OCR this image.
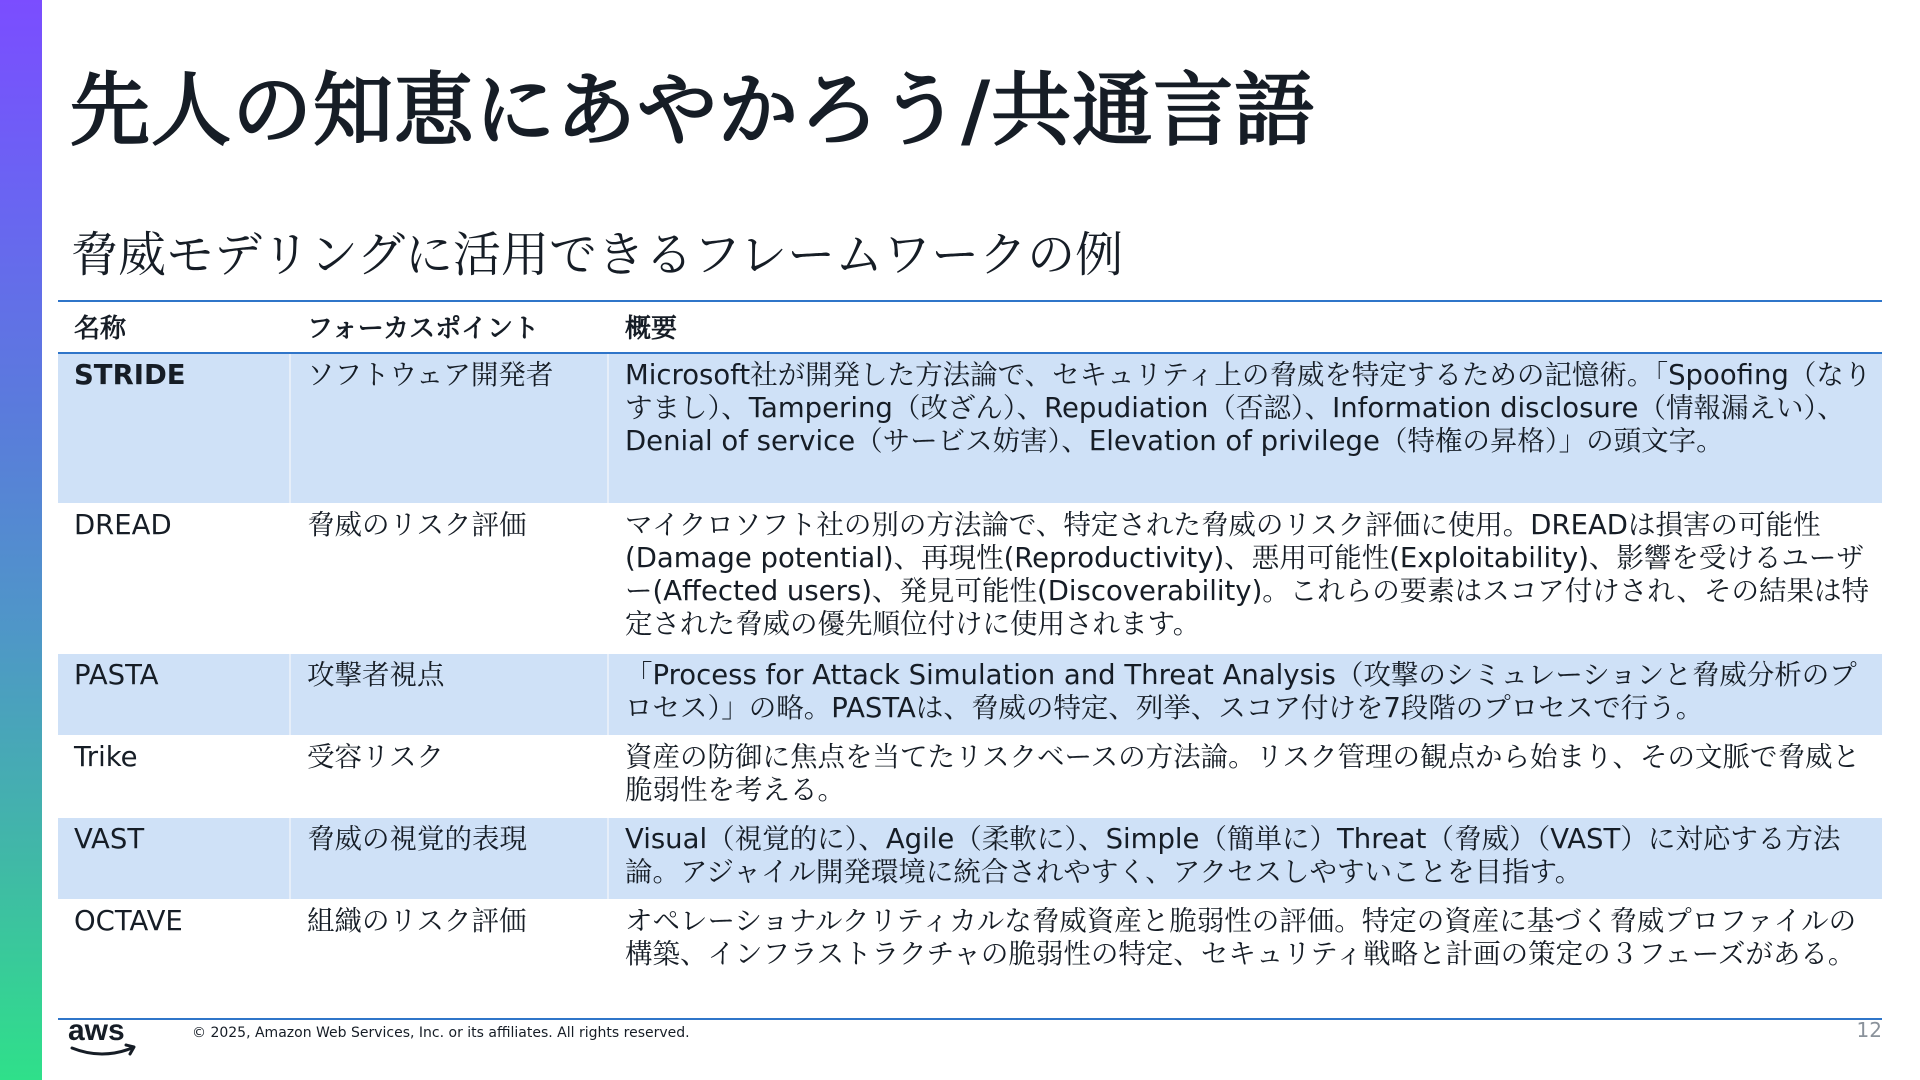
先人の知恵にあやかろう/共通言語
脅威モデリングに活用できるフレームワークの例
名称	フォーカスポイント	概要
STRIDE	ソフトウェア開発者	Microsoft社が開発した方法論で、セキュリティ上の脅威を特定するための記憶術。「Spoofing（なりすまし）、Tampering（改ざん）、Repudiation（否認）、Information disclosure（情報漏えい）、Denial of service（サービス妨害）、Elevation of privilege（特権の昇格）」の頭文字。
DREAD	脅威のリスク評価	マイクロソフト社の別の方法論で、特定された脅威のリスク評価に使用。DREADは損害の可能性(Damage potential)、再現性(Reproductivity)、悪用可能性(Exploitability)、影響を受けるユーザー(Affected users)、発見可能性(Discoverability)。これらの要素はスコア付けされ、その結果は特定された脅威の優先順位付けに使用されます。
PASTA	攻撃者視点	「Process for Attack Simulation and Threat Analysis（攻撃のシミュレーションと脅威分析のプロセス）」の略。PASTAは、脅威の特定、列挙、スコア付けを7段階のプロセスで行う。
Trike	受容リスク	資産の防御に焦点を当てたリスクベースの方法論。リスク管理の観点から始まり、その文脈で脅威と脆弱性を考える。
VAST	脅威の視覚的表現	Visual（視覚的に）、Agile（柔軟に）、Simple（簡単に）Threat（脅威）（VAST）に対応する方法論。アジャイル開発環境に統合されやすく、アクセスしやすいことを目指す。
OCTAVE	組織のリスク評価	オペレーショナルクリティカルな脅威資産と脆弱性の評価。特定の資産に基づく脅威プロファイルの構築、インフラストラクチャの脆弱性の特定、セキュリティ戦略と計画の策定の３フェーズがある。
aws	© 2025, Amazon Web Services, Inc. or its affiliates. All rights reserved.	12
